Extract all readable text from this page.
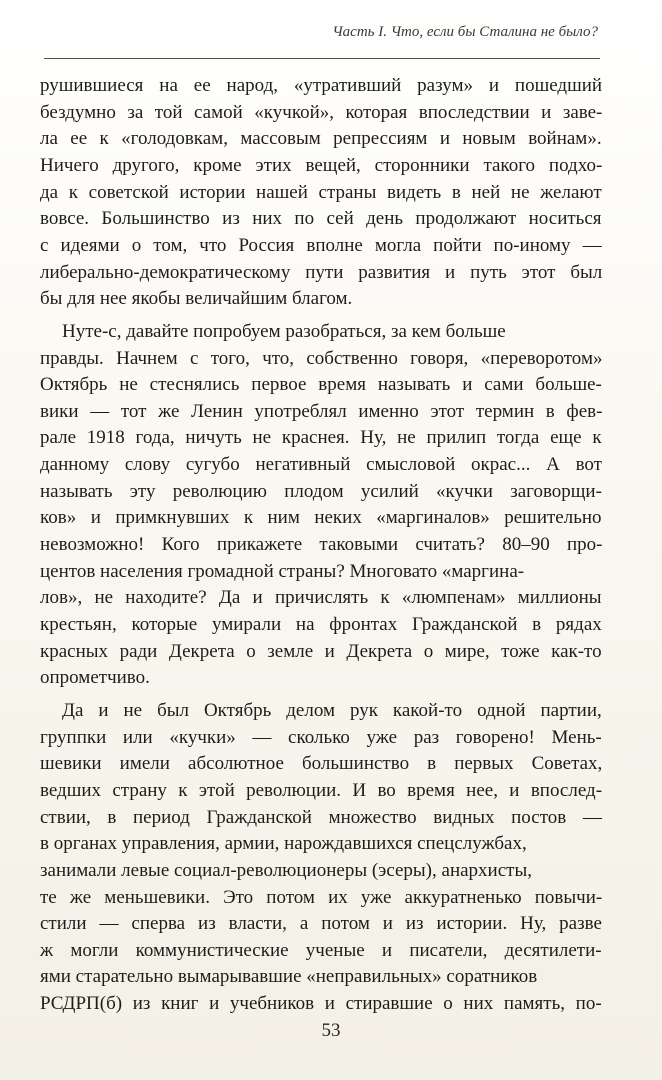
Часть I. Что, если бы Сталина не было?
рушившиеся на ее народ, «утративший разум» и пошедший
бездумно за той самой «кучкой», которая впоследствии и заве-
ла ее к «голодовкам, массовым репрессиям и новым войнам».
Ничего другого, кроме этих вещей, сторонники такого подхо-
да к советской истории нашей страны видеть в ней не желают
вовсе. Большинство из них по сей день продолжают носиться
с идеями о том, что Россия вполне могла пойти по-иному —
либерально-демократическому пути развития и путь этот был
бы для нее якобы величайшим благом.
Нуте-с, давайте попробуем разобраться, за кем больше
правды. Начнем с того, что, собственно говоря, «переворотом»
Октябрь не стеснялись первое время называть и сами больше-
вики — тот же Ленин употреблял именно этот термин в фев-
рале 1918 года, ничуть не краснея. Ну, не прилип тогда еще к
данному слову сугубо негативный смысловой окрас... А вот
называть эту революцию плодом усилий «кучки заговорщи-
ков» и примкнувших к ним неких «маргиналов» решительно
невозможно! Кого прикажете таковыми считать? 80–90 про-
центов населения громадной страны? Многовато «маргина-
лов», не находите? Да и причислять к «люмпенам» миллионы
крестьян, которые умирали на фронтах Гражданской в рядах
красных ради Декрета о земле и Декрета о мире, тоже как-то
опрометчиво.
Да и не был Октябрь делом рук какой-то одной партии,
группки или «кучки» — сколько уже раз говорено! Мень-
шевики имели абсолютное большинство в первых Советах,
ведших страну к этой революции. И во время нее, и впослед-
ствии, в период Гражданской множество видных постов —
в органах управления, армии, нарождавшихся спецслужбах,
занимали левые социал-революционеры (эсеры), анархисты,
те же меньшевики. Это потом их уже аккуратненько повычи-
стили — сперва из власти, а потом и из истории. Ну, разве
ж могли коммунистические ученые и писатели, десятилети-
ями старательно вымарывавшие «неправильных» соратников
РСДРП(б) из книг и учебников и стиравшие о них память, по-
53
